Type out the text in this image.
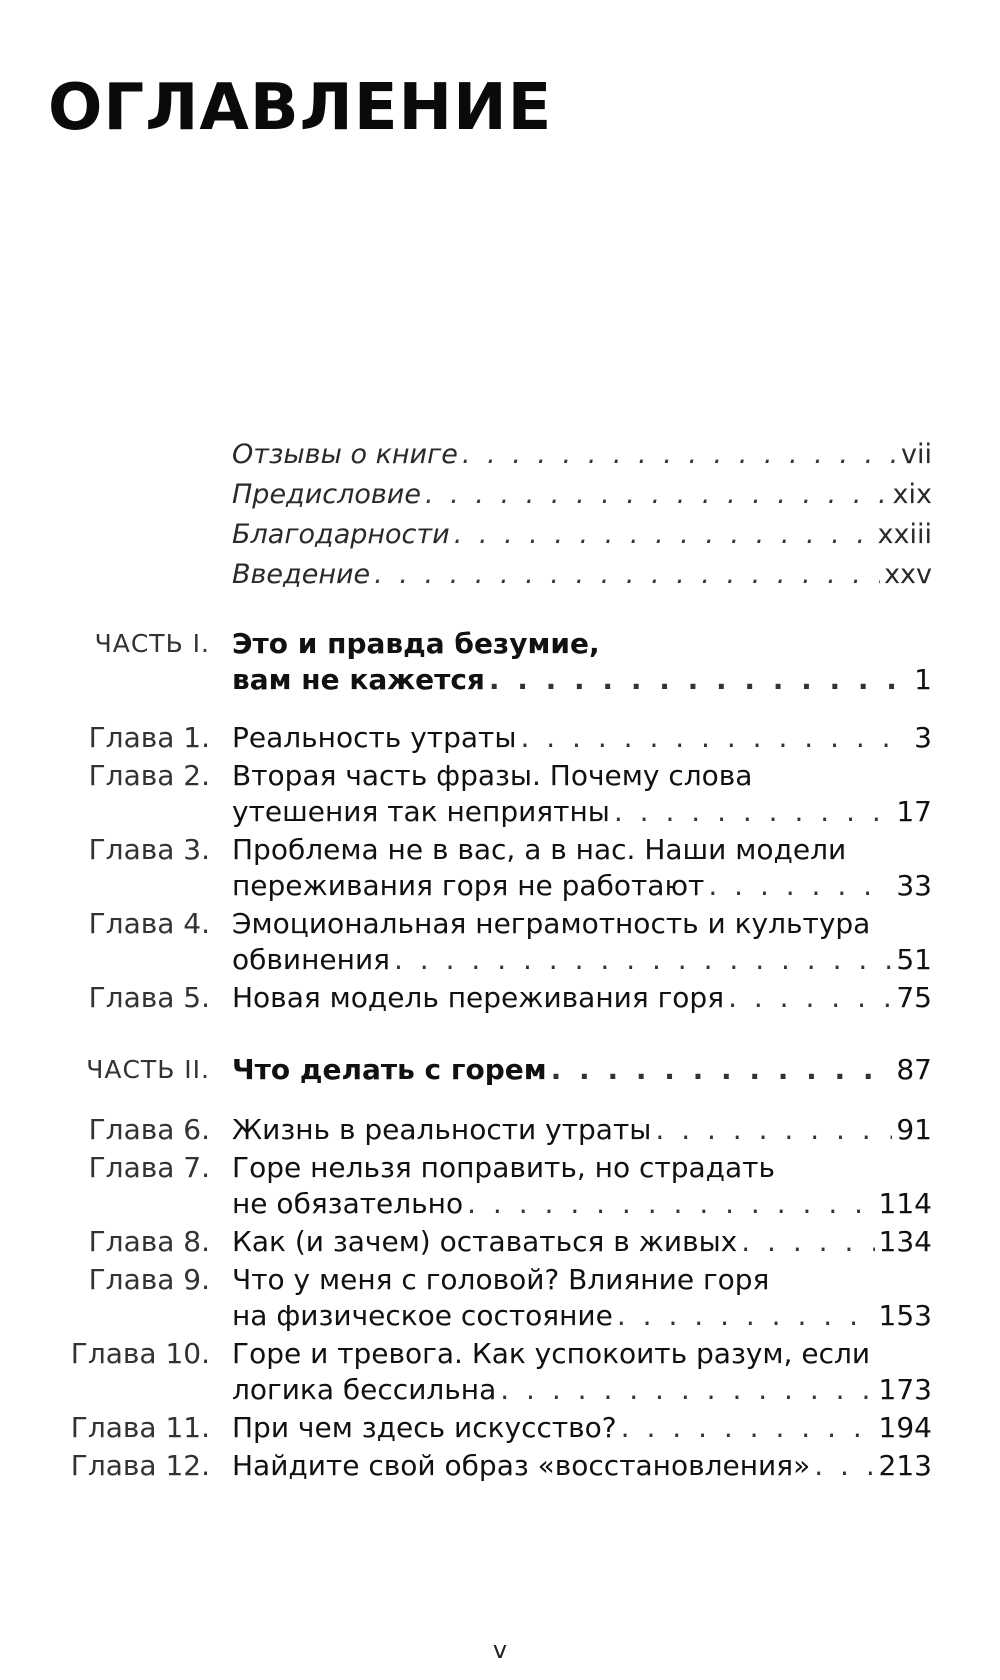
ОГЛАВЛЕНИЕ
Отзывы о книге . . .	vii
Предисловие . . .	xix
Благодарности . . .	xxiii
Введение . . .	xxv
ЧАСТЬ I. Это и правда безумие,
вам не кажется . . .	1
Глава 1. Реальность утраты . . .	3
Глава 2. Вторая часть фразы. Почему слова
утешения так неприятны . . .	17
Глава 3. Проблема не в вас, а в нас. Наши модели
переживания горя не работают . . .	33
Глава 4. Эмоциональная неграмотность и культура
обвинения . . .	51
Глава 5. Новая модель переживания горя . . .	75
ЧАСТЬ II. Что делать с горем . . .	87
Глава 6. Жизнь в реальности утраты . . .	91
Глава 7. Горе нельзя поправить, но страдать
не обязательно . . .	114
Глава 8. Как (и зачем) оставаться в живых . . .	134
Глава 9. Что у меня с головой? Влияние горя
на физическое состояние . . .	153
Глава 10. Горе и тревога. Как успокоить разум, если
логика бессильна . . .	173
Глава 11. При чем здесь искусство? . . .	194
Глава 12. Найдите свой образ «восстановления» . . . 213
v
